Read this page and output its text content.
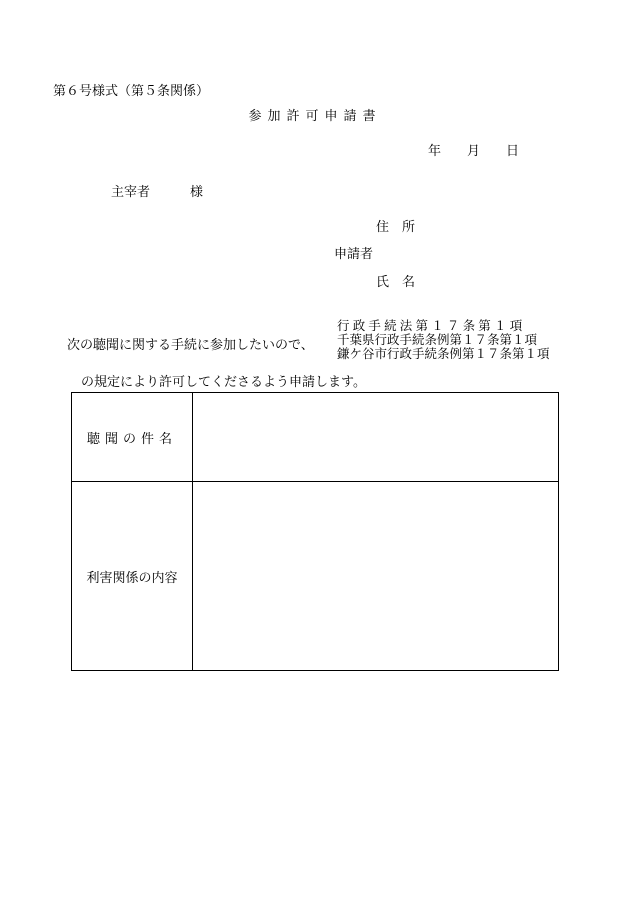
第６号様式（第５条関係）
参加許可申請書
年 月 日
主宰者	様
住　所
申請者
氏　名
次の聴聞に関する手続に参加したいので、
行政手続法第１７条第１項
千葉県行政手続条例第１７条第１項
鎌ケ谷市行政手続条例第１７条第１項
の規定により許可してくださるよう申請します。
聴聞の件名	
利害関係の内容	
